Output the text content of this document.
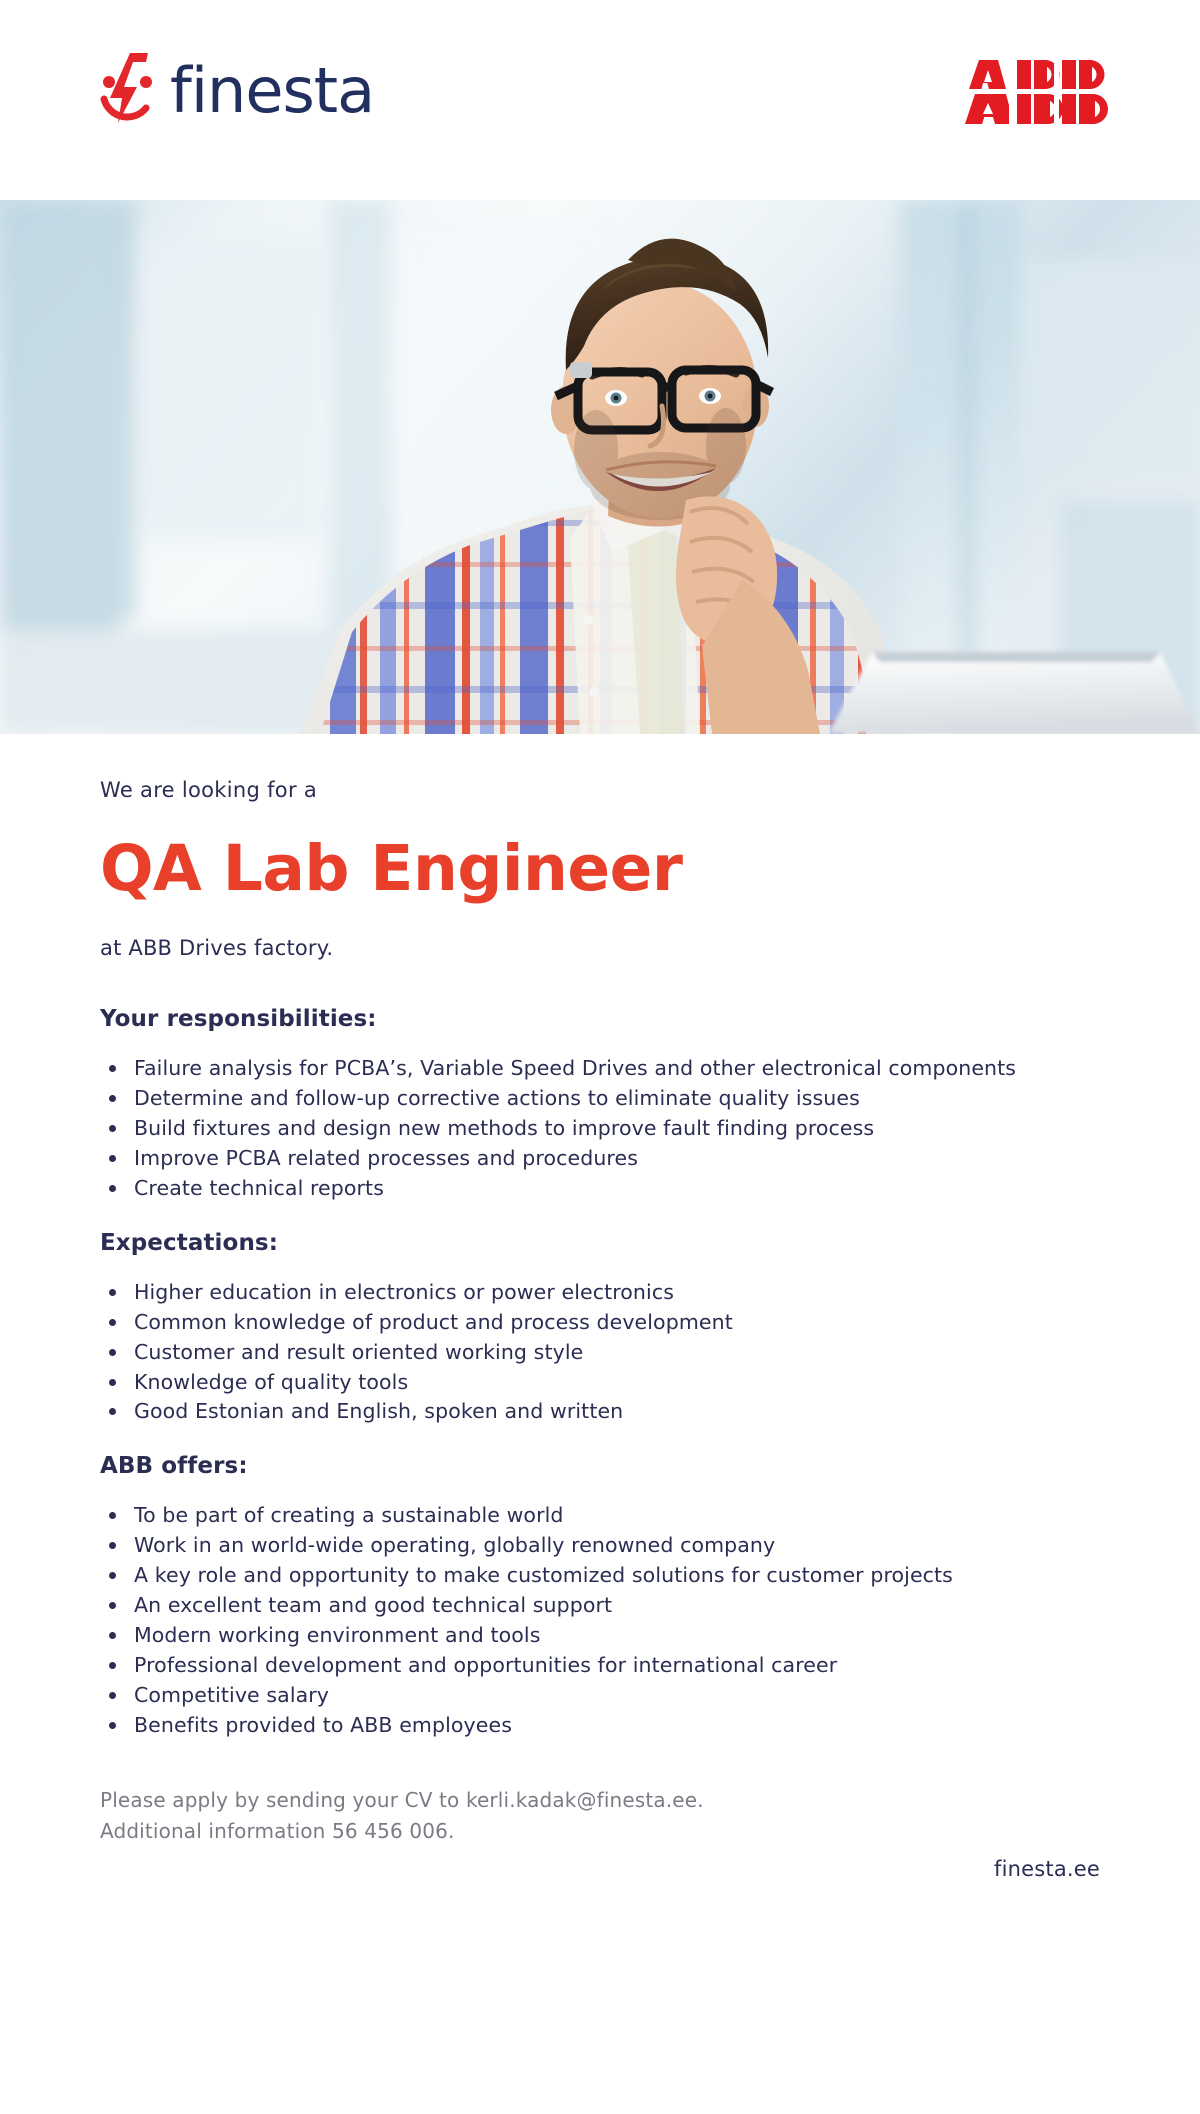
finesta
We are looking for a
QA Lab Engineer
at ABB Drives factory.
Your responsibilities:
Failure analysis for PCBA’s, Variable Speed Drives and other electronical components
Determine and follow-up corrective actions to eliminate quality issues
Build fixtures and design new methods to improve fault finding process
Improve PCBA related processes and procedures
Create technical reports
Expectations:
Higher education in electronics or power electronics
Common knowledge of product and process development
Customer and result oriented working style
Knowledge of quality tools
Good Estonian and English, spoken and written
ABB offers:
To be part of creating a sustainable world
Work in an world-wide operating, globally renowned company
A key role and opportunity to make customized solutions for customer projects
An excellent team and good technical support
Modern working environment and tools
Professional development and opportunities for international career
Competitive salary
Benefits provided to ABB employees
Please apply by sending your CV to kerli.kadak@finesta.ee.
Additional information 56 456 006.
finesta.ee
